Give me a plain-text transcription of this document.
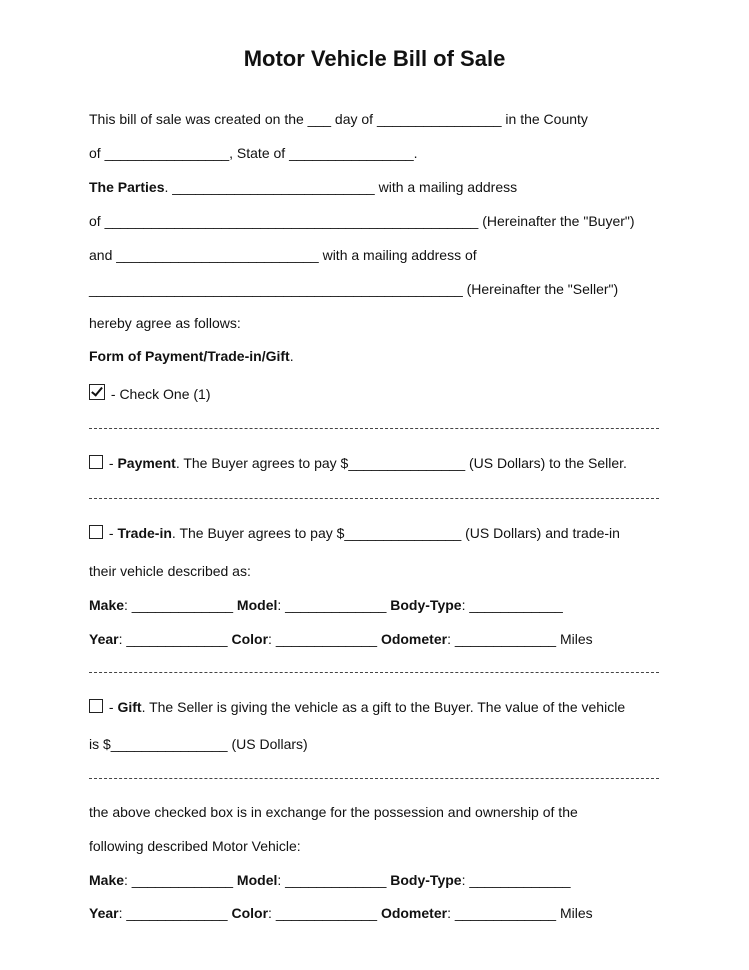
Motor Vehicle Bill of Sale
This bill of sale was created on the ___ day of ________________ in the County
of ________________, State of ________________.
The Parties. __________________________ with a mailing address
of ________________________________________________ (Hereinafter the "Buyer")
and __________________________ with a mailing address of
________________________________________________ (Hereinafter the "Seller")
hereby agree as follows:
Form of Payment/Trade-in/Gift.
- Check One (1)
- Payment. The Buyer agrees to pay $_______________ (US Dollars) to the Seller.
- Trade-in. The Buyer agrees to pay $_______________ (US Dollars) and trade-in
their vehicle described as:
Make: _____________ Model: _____________ Body-Type: ____________
Year: _____________ Color: _____________ Odometer: _____________ Miles
- Gift. The Seller is giving the vehicle as a gift to the Buyer. The value of the vehicle
is $_______________ (US Dollars)
the above checked box is in exchange for the possession and ownership of the
following described Motor Vehicle:
Make: _____________ Model: _____________ Body-Type: _____________
Year: _____________ Color: _____________ Odometer: _____________ Miles
